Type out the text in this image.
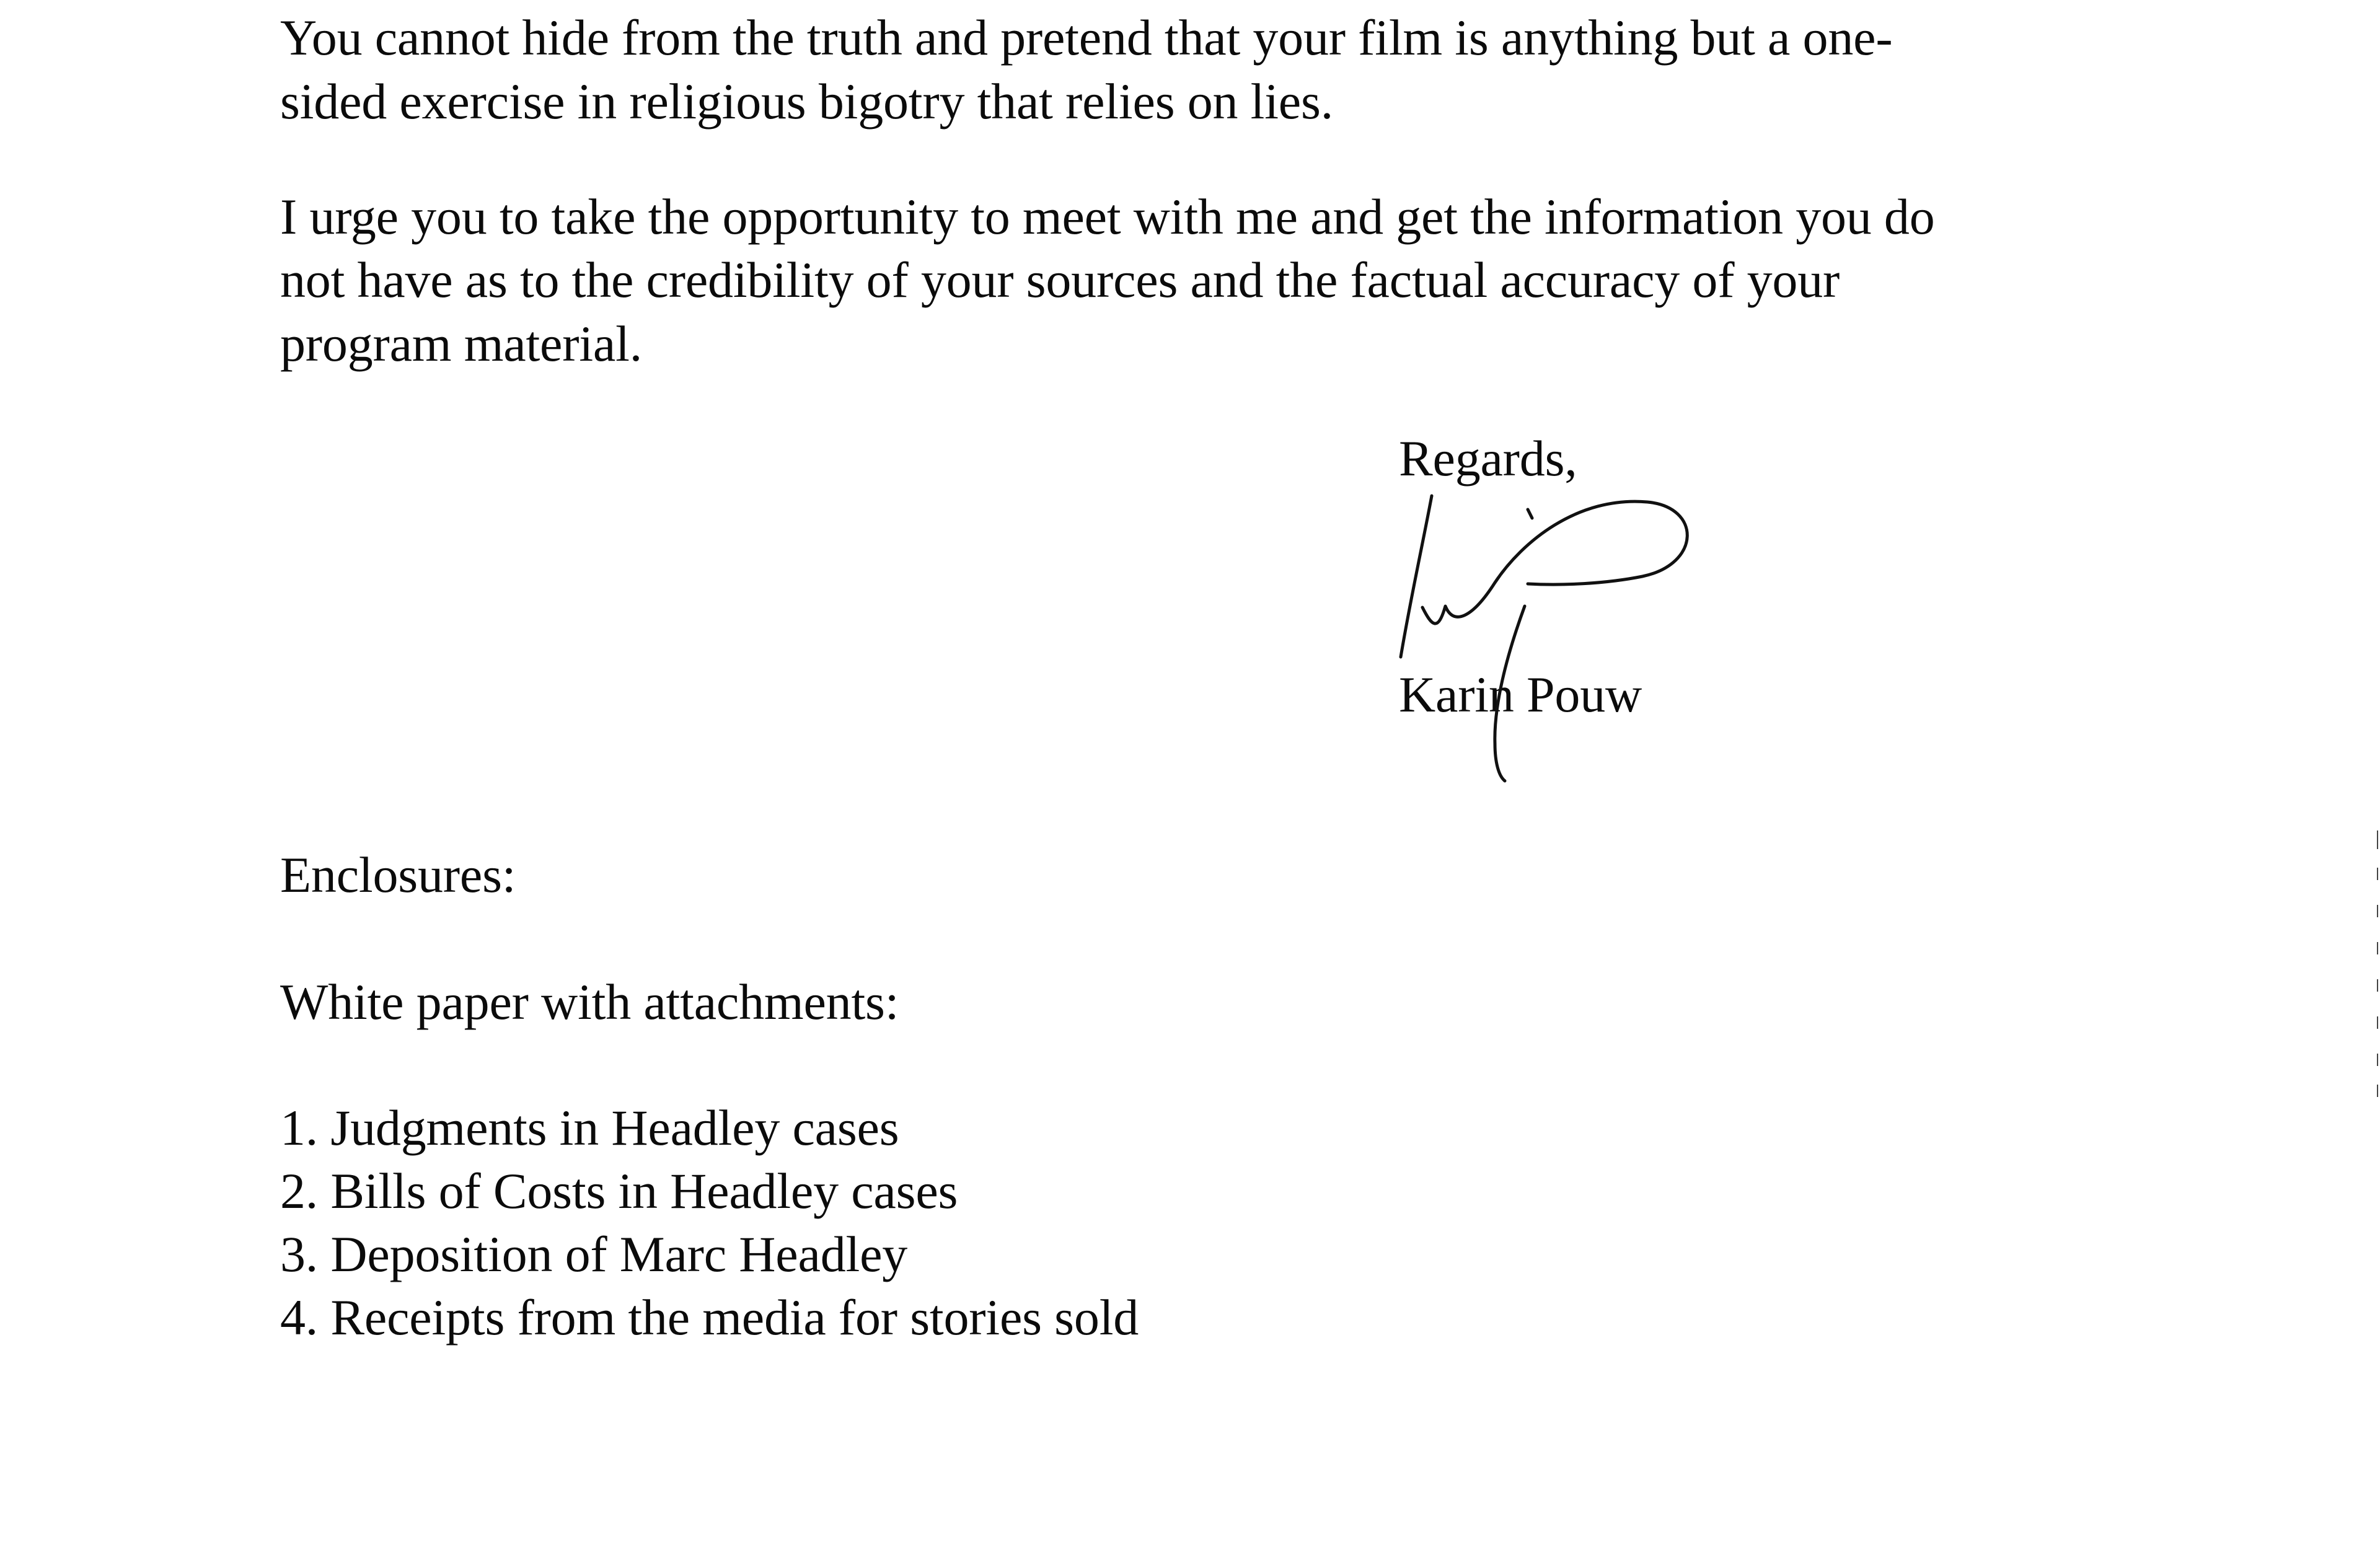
You cannot hide from the truth and pretend that your film is anything but a one-
sided exercise in religious bigotry that relies on lies.
I urge you to take the opportunity to meet with me and get the information you do
not have as to the credibility of your sources and the factual accuracy of your
program material.
Regards,
Karin Pouw
Enclosures:
White paper with attachments:
1. Judgments in Headley cases
2. Bills of Costs in Headley cases
3. Deposition of Marc Headley
4. Receipts from the media for stories sold
